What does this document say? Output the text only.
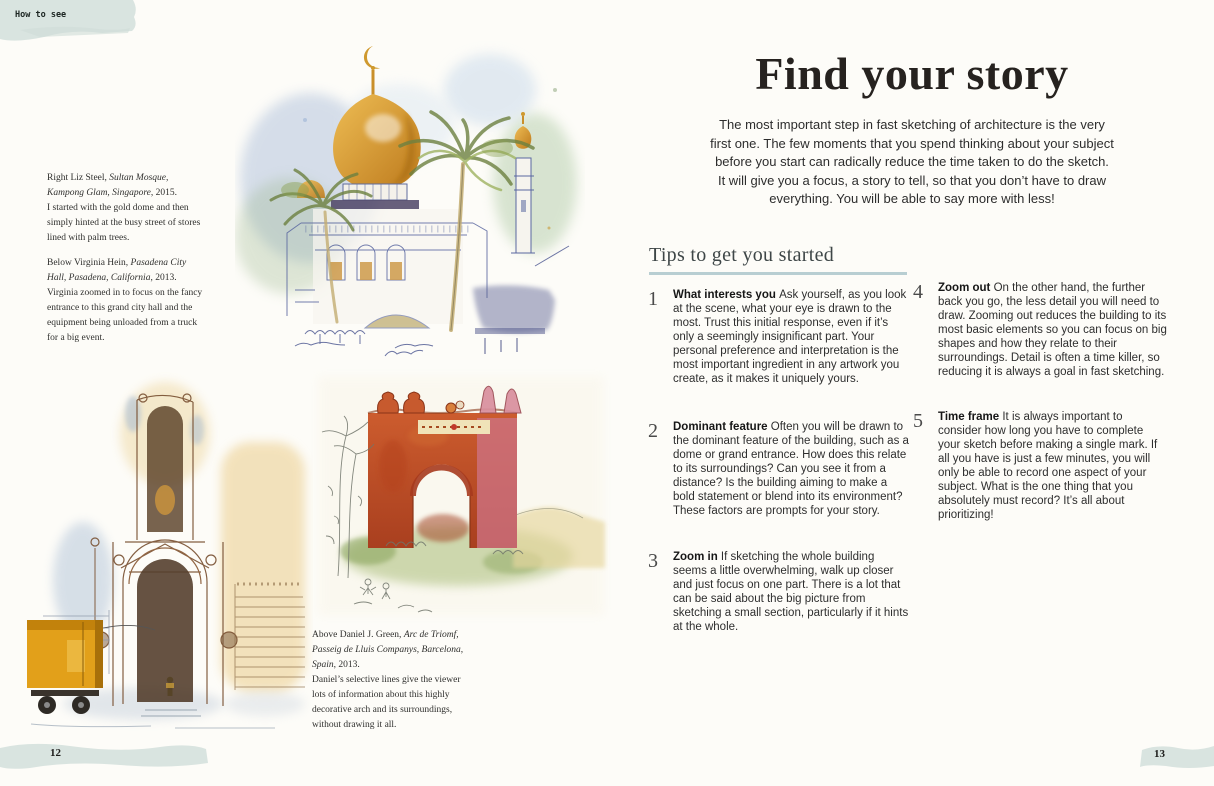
How to see

Right Liz Steel, Sultan Mosque, Kampong Glam, Singapore, 2015.

I started with the gold dome and then simply hinted at the busy street of stores lined with palm trees.

Below Virginia Hein, Pasadena City Hall, Pasadena, California, 2013.

Virginia zoomed in to focus on the fancy entrance to this grand city hall and the equipment being unloaded from a truck for a big event.

Above Daniel J. Green, Arc de Triomf, Passeig de Lluis Companys, Barcelona, Spain, 2013.

Daniel’s selective lines give the viewer lots of information about this highly decorative arch and its surroundings, without drawing it all.

Find your story

The most important step in fast sketching of architecture is the very first one. The few moments that you spend thinking about your subject before you start can radically reduce the time taken to do the sketch. It will give you a focus, a story to tell, so that you don’t have to draw everything. You will be able to say more with less!

Tips to get you started
1	What interests you Ask yourself, as you look at the scene, what your eye is drawn to the most. Trust this initial response, even if it’s only a seemingly insignificant part. Your personal preference and interpretation is the most important ingredient in any artwork you create, as it makes it uniquely yours.

2	Dominant feature Often you will be drawn to the dominant feature of the building, such as a dome or grand entrance. How does this relate to its surroundings? Can you see it from a distance? Is the building aiming to make a bold statement or blend into its environment? These factors are prompts for your story.

3	Zoom in If sketching the whole building seems a little overwhelming, walk up closer and just focus on one part. There is a lot that can be said about the big picture from sketching a small section, particularly if it hints at the whole.

4	Zoom out On the other hand, the further back you go, the less detail you will need to draw. Zooming out reduces the building to its most basic elements so you can focus on big shapes and how they relate to their surroundings. Detail is often a time killer, so reducing it is always a goal in fast sketching.

5	Time frame It is always important to consider how long you have to complete your sketch before making a single mark. If all you have is just a few minutes, you will only be able to record one aspect of your subject. What is the one thing that you absolutely must record? It’s all about prioritizing!

12	13
